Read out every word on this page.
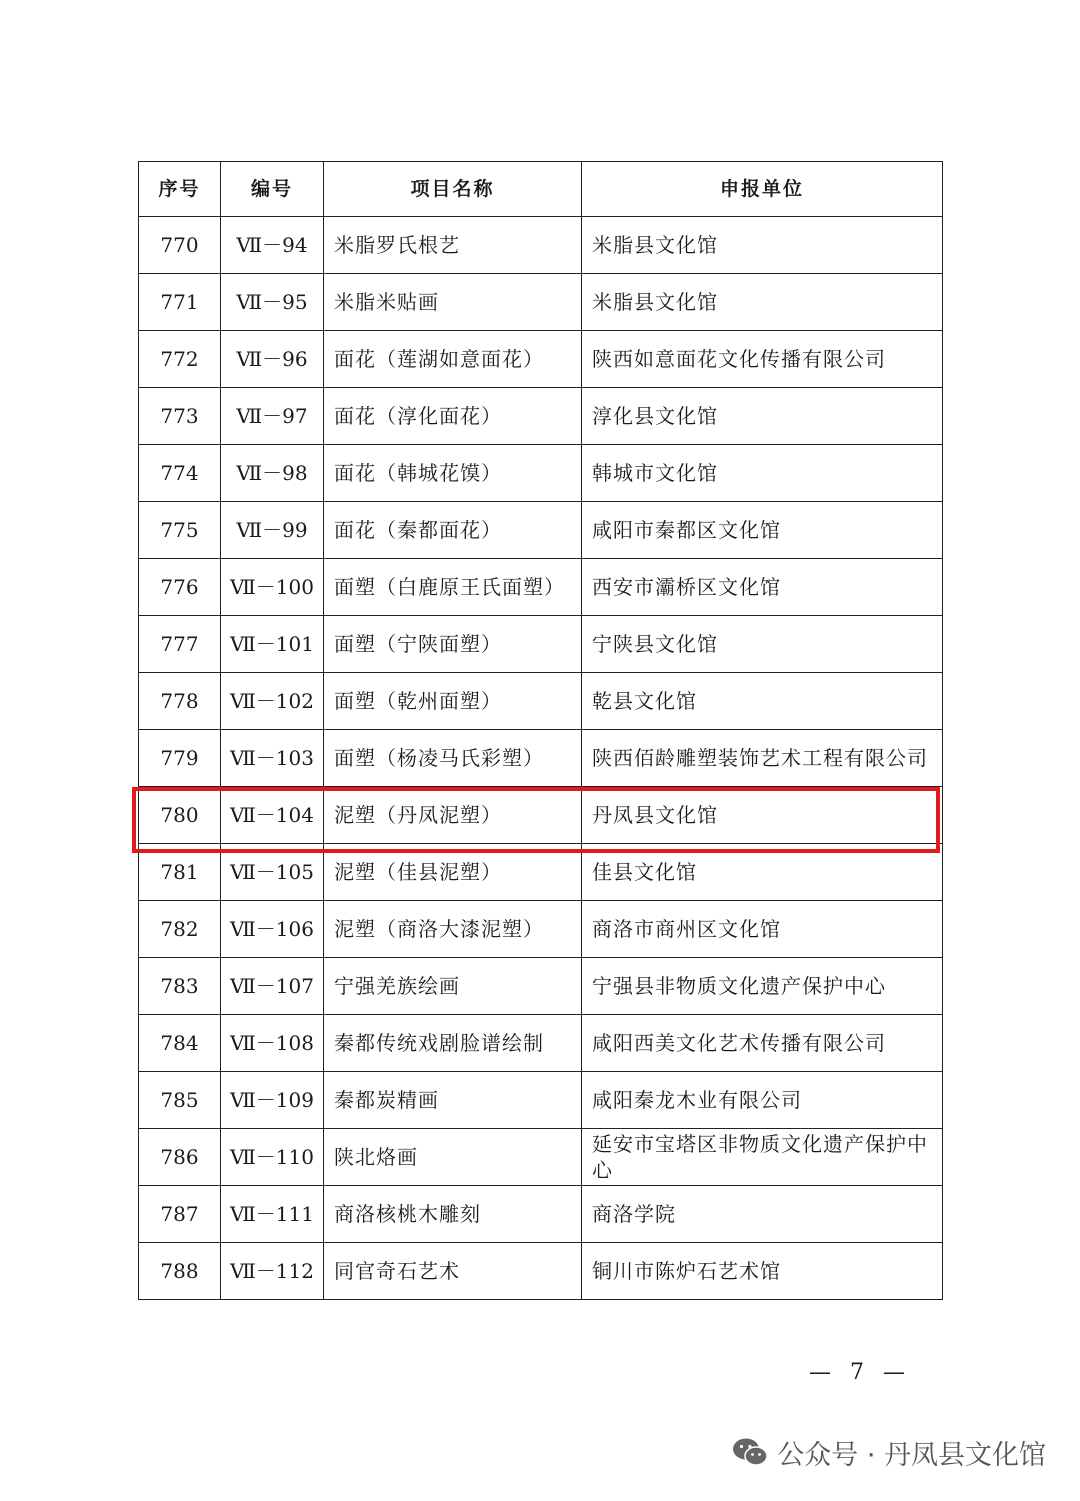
序号	编号	项目名称	申报单位
770	Ⅶ－94	米脂罗氏根艺	米脂县文化馆
771	Ⅶ－95	米脂米贴画	米脂县文化馆
772	Ⅶ－96	面花（莲湖如意面花）	陕西如意面花文化传播有限公司
773	Ⅶ－97	面花（淳化面花）	淳化县文化馆
774	Ⅶ－98	面花（韩城花馍）	韩城市文化馆
775	Ⅶ－99	面花（秦都面花）	咸阳市秦都区文化馆
776	Ⅶ－100	面塑（白鹿原王氏面塑）	西安市灞桥区文化馆
777	Ⅶ－101	面塑（宁陕面塑）	宁陕县文化馆
778	Ⅶ－102	面塑（乾州面塑）	乾县文化馆
779	Ⅶ－103	面塑（杨凌马氏彩塑）	陕西佰龄雕塑装饰艺术工程有限公司
780	Ⅶ－104	泥塑（丹凤泥塑）	丹凤县文化馆
781	Ⅶ－105	泥塑（佳县泥塑）	佳县文化馆
782	Ⅶ－106	泥塑（商洛大漆泥塑）	商洛市商州区文化馆
783	Ⅶ－107	宁强羌族绘画	宁强县非物质文化遗产保护中心
784	Ⅶ－108	秦都传统戏剧脸谱绘制	咸阳西美文化艺术传播有限公司
785	Ⅶ－109	秦都炭精画	咸阳秦龙木业有限公司
786	Ⅶ－110	陕北烙画	延安市宝塔区非物质文化遗产保护中心
787	Ⅶ－111	商洛核桃木雕刻	商洛学院
788	Ⅶ－112	同官奇石艺术	铜川市陈炉石艺术馆
— 7 —
公众号 · 丹凤县文化馆
